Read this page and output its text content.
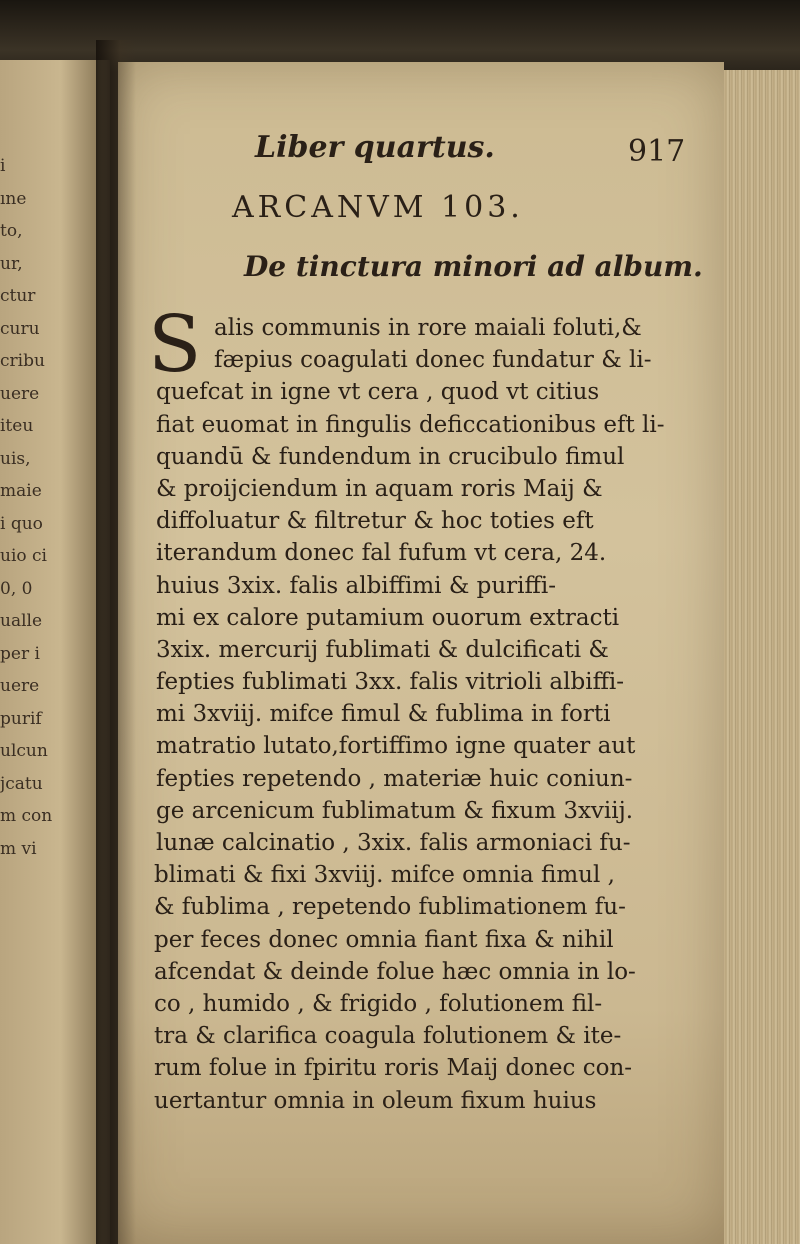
i
ıne
to,
ur,
ctur
curu
cribu
uere
iteu
uis,
maie
i quo
uio ci
0, 0
ualle
per i
uere
purif
ulcun
jcatu
m con
m vi
Liber quartus.	917
ARCANVM 103.
De tinctura minori ad album.
S alis communis in rore maiali foluti,&
fæpius coagulati donec fundatur & li-
quefcat in igne vt cera , quod vt citius
fiat euomat in fingulis deficcationibus eft li-
quandū & fundendum in crucibulo fimul
& proijciendum in aquam roris Maij &
diffoluatur & filtretur & hoc toties eft
iterandum donec fal fufum vt cera, 24.
huius 3xix. falis albiffimi & puriffi-
mi ex calore putamium ouorum extracti
3xix. mercurij fublimati & dulcificati &
fepties fublimati 3xx. falis vitrioli albiffi-
mi 3xviij. mifce fimul & fublima in forti
matratio lutato,fortiffimo igne quater aut
fepties repetendo , materiæ huic coniun-
ge arcenicum fublimatum & fixum 3xviij.
lunæ calcinatio , 3xix. falis armoniaci fu-
blimati & fixi 3xviij. mifce omnia fimul ,
& fublima , repetendo fublimationem fu-
per feces donec omnia fiant fixa & nihil
afcendat & deinde folue hæc omnia in lo-
co , humido , & frigido , folutionem fil-
tra & clarifica coagula folutionem & ite-
rum folue in fpiritu roris Maij donec con-
uertantur omnia in oleum fixum huius
